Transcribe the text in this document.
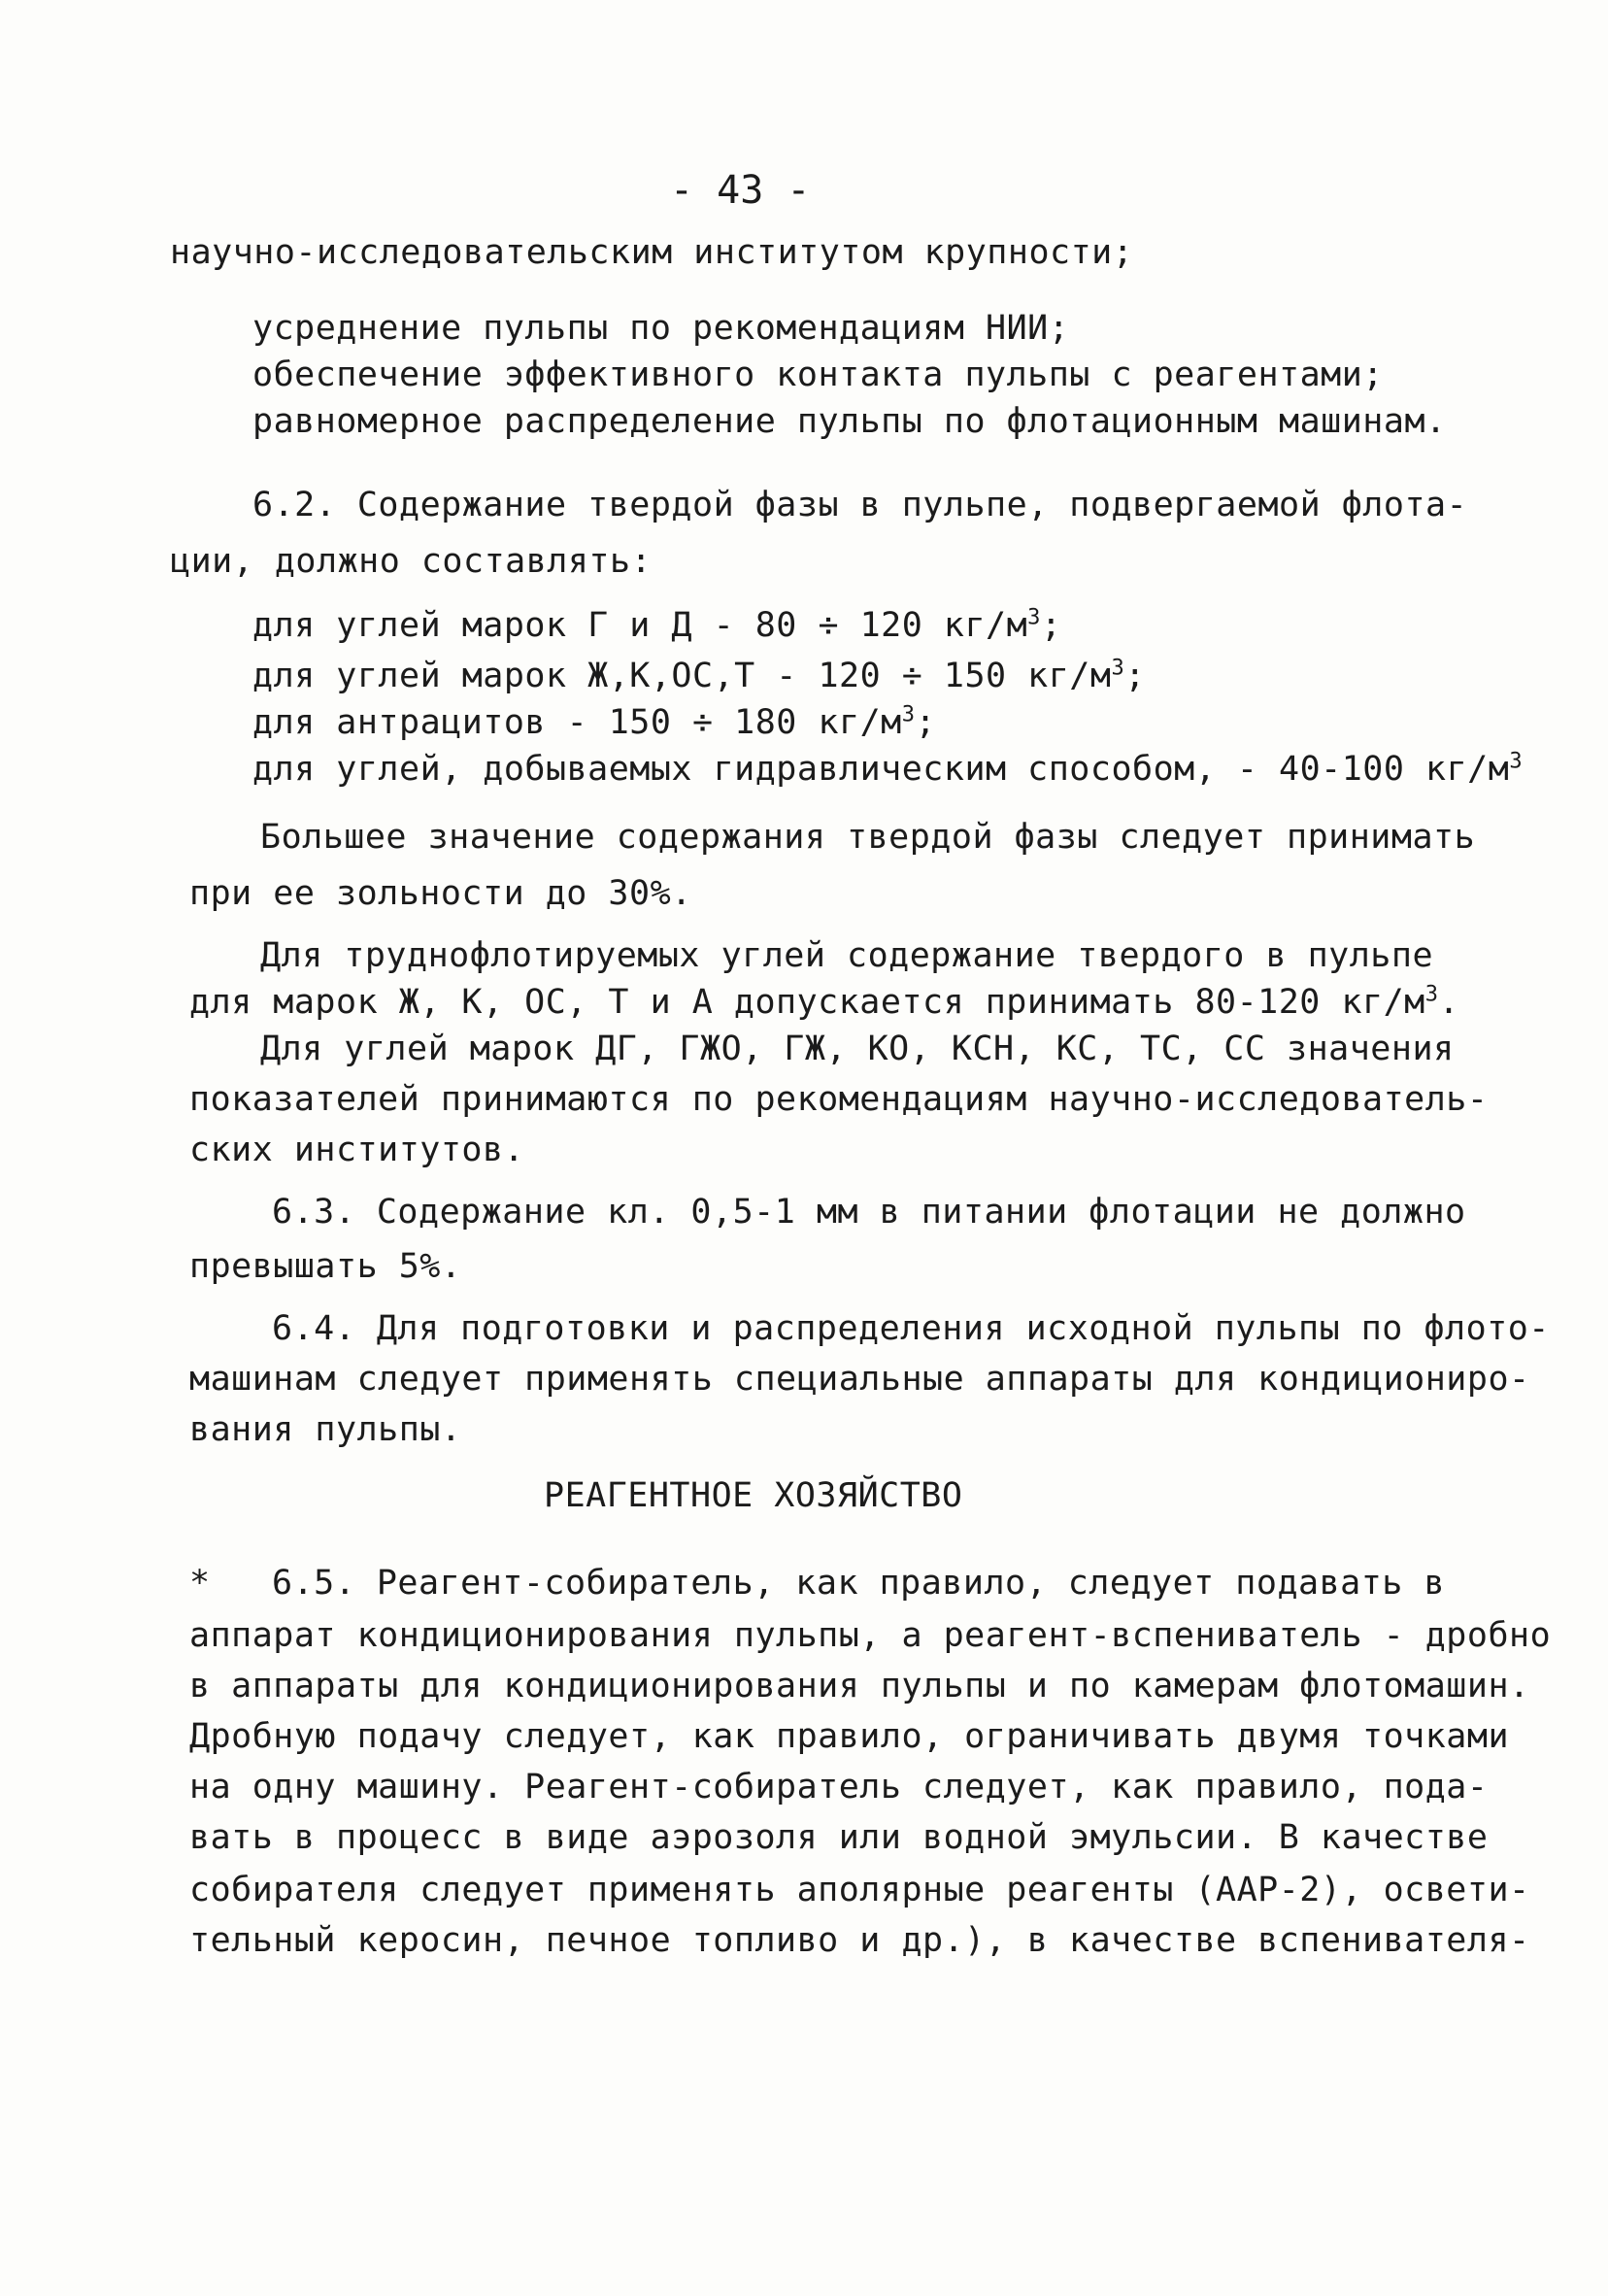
- 43 -
научно-исследовательским институтом крупности;
усреднение пульпы по рекомендациям НИИ;
обеспечение эффективного контакта пульпы с реагентами;
равномерное распределение пульпы по флотационным машинам.
6.2. Содержание твердой фазы в пульпе, подвергаемой флота-
ции, должно составлять:
для углей марок Г и Д - 80 ÷ 120 $кг/м^3$;
для углей марок Ж,К,ОС,Т - 120 ÷ 150 $кг/м^3$;
для антрацитов - 150 ÷ 180 $кг/м^3$;
для углей, добываемых гидравлическим способом, - 40-100 $кг/м^3$
Большее значение содержания твердой фазы следует принимать
при ее зольности до 30%.
Для труднофлотируемых углей содержание твердого в пульпе
для марок Ж, К, ОС, Т и А допускается принимать 80-120 $кг/м^3$.
Для углей марок ДГ, ГЖО, ГЖ, КО, КСН, КС, ТС, СС значения
показателей принимаются по рекомендациям научно-исследователь-
ских институтов.
6.3. Содержание кл. 0,5-1 мм в питании флотации не должно
превышать 5%.
6.4. Для подготовки и распределения исходной пульпы по флото-
машинам следует применять специальные аппараты для кондициониро-
вания пульпы.
РЕАГЕНТНОЕ ХОЗЯЙСТВО
* 6.5. Реагент-собиратель, как правило, следует подавать в
аппарат кондиционирования пульпы, а реагент-вспениватель - дробно
в аппараты для кондиционирования пульпы и по камерам флотомашин.
Дробную подачу следует, как правило, ограничивать двумя точками
на одну машину. Реагент-собиратель следует, как правило, пода-
вать в процесс в виде аэрозоля или водной эмульсии. В качестве
собирателя следует применять аполярные реагенты (ААР-2), освети-
тельный керосин, печное топливо и др.), в качестве вспенивателя-
